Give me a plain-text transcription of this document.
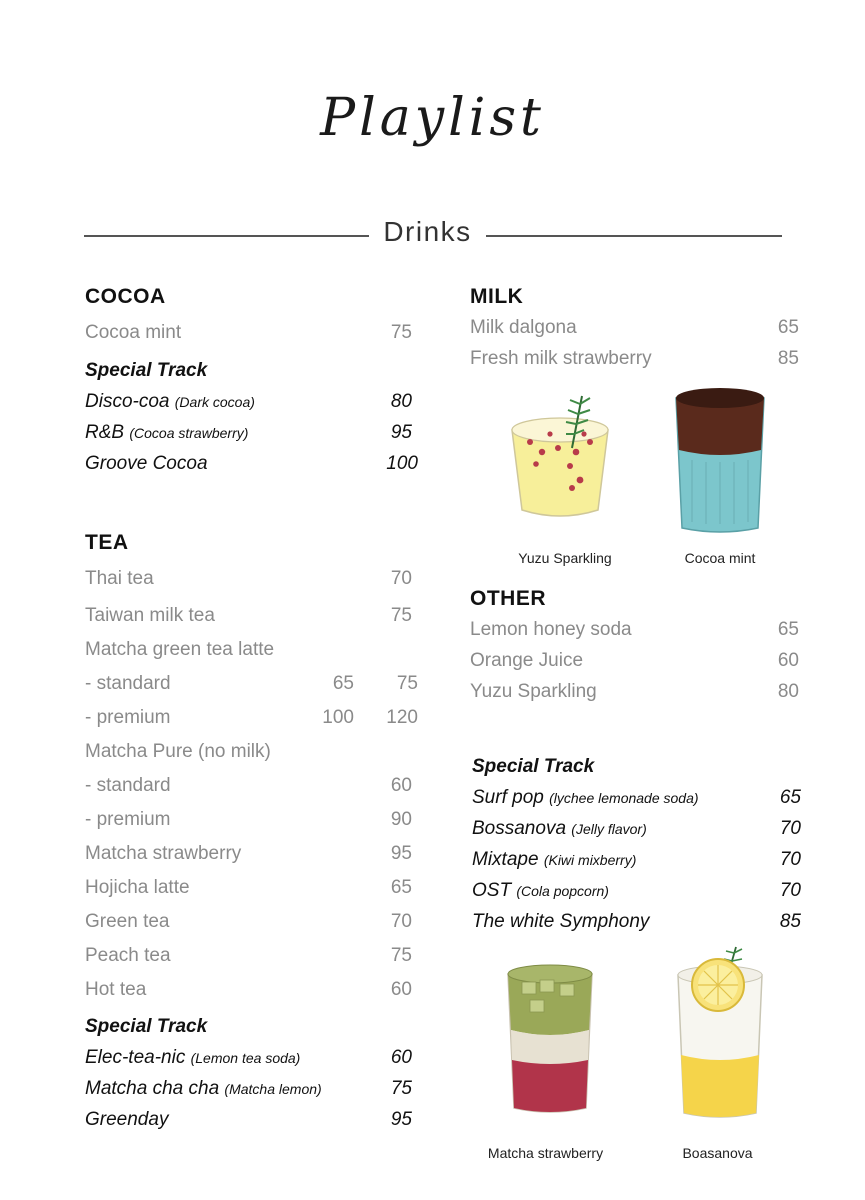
Playlist
Drinks
COCOA
Cocoa mint	75
Special Track
Disco-coa (Dark cocoa)	80
R&B (Cocoa strawberry)	95
Groove Cocoa	100
TEA
Thai tea	70
Taiwan milk tea	75
Matcha green tea latte
- standard	65 75
- premium	100 120
Matcha Pure (no milk)
- standard	60
- premium	90
Matcha strawberry	95
Hojicha latte	65
Green tea	70
Peach tea	75
Hot tea	60
Special Track
Elec-tea-nic (Lemon tea soda)	60
Matcha cha cha (Matcha lemon)	75
Greenday	95
MILK
Milk dalgona	65
Fresh milk strawberry	85
Yuzu Sparkling	Cocoa mint
OTHER
Lemon honey soda	65
Orange Juice	60
Yuzu Sparkling	80
Special Track
Surf pop (lychee lemonade soda)	65
Bossanova (Jelly flavor)	70
Mixtape (Kiwi mixberry)	70
OST (Cola popcorn)	70
The white Symphony	85
Matcha strawberry	Boasanova
